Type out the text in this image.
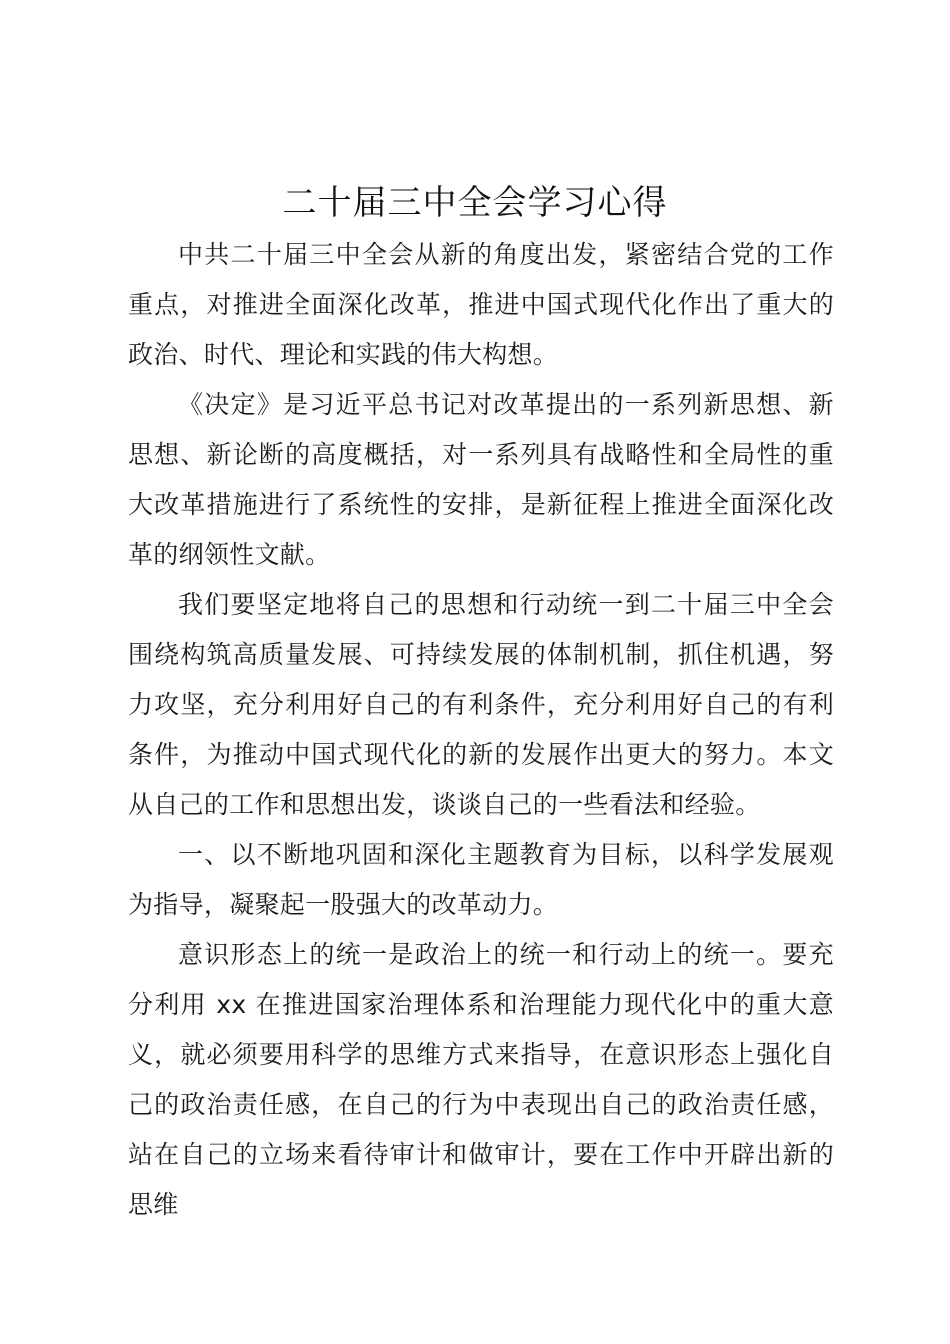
二十届三中全会学习心得

中共二十届三中全会从新的角度出发，紧密结合党的工作重点，对推进全面深化改革，推进中国式现代化作出了重大的政治、时代、理论和实践的伟大构想。

《决定》是习近平总书记对改革提出的一系列新思想、新思想、新论断的高度概括，对一系列具有战略性和全局性的重大改革措施进行了系统性的安排，是新征程上推进全面深化改革的纲领性文献。

我们要坚定地将自己的思想和行动统一到二十届三中全会围绕构筑高质量发展、可持续发展的体制机制，抓住机遇，努力攻坚，充分利用好自己的有利条件，充分利用好自己的有利条件，为推动中国式现代化的新的发展作出更大的努力。本文从自己的工作和思想出发，谈谈自己的一些看法和经验。

一、以不断地巩固和深化主题教育为目标，以科学发展观为指导，凝聚起一股强大的改革动力。

意识形态上的统一是政治上的统一和行动上的统一。要充分利用 xx 在推进国家治理体系和治理能力现代化中的重大意义，就必须要用科学的思维方式来指导，在意识形态上强化自己的政治责任感，在自己的行为中表现出自己的政治责任感，站在自己的立场来看待审计和做审计，要在工作中开辟出新的思维
